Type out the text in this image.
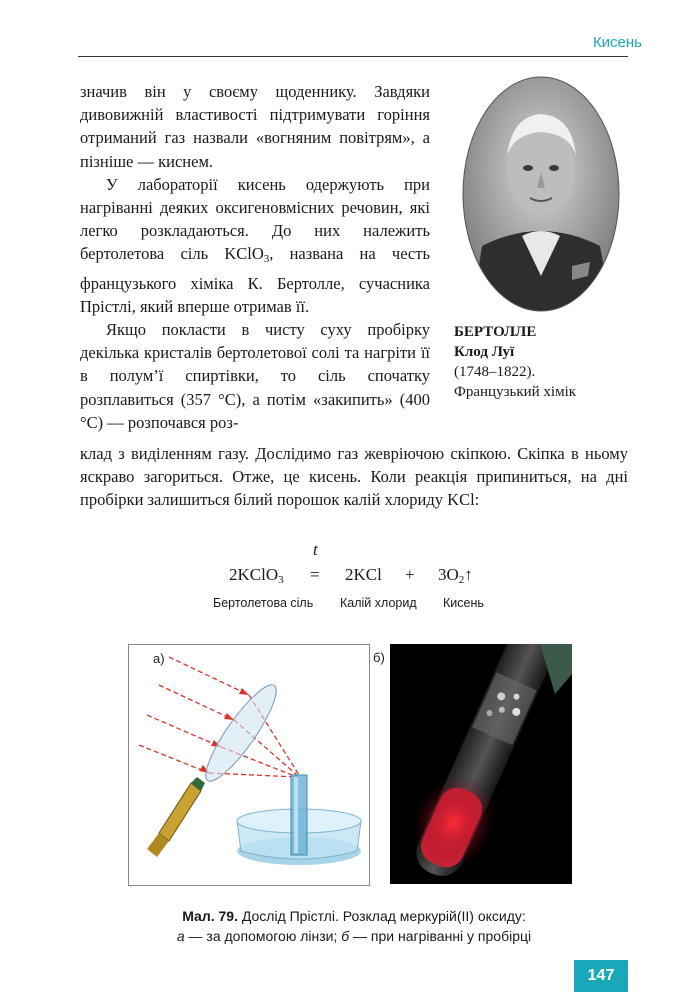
Кисень

значив він у своєму щоденнику. Завдяки дивовижній властивості підтримувати горіння отриманий газ назвали «вогняним повітрям», а пізніше — киснем.

У лабораторії кисень одержують при нагріванні деяких оксигеновмісних речовин, які легко розкладаються. До них належить бертолетова сіль KClO$_3$, названа на честь французького хіміка К. Бертолле, сучасника Прістлі, який вперше отримав її.

Якщо покласти в чисту суху пробірку декілька кристалів бертолетової солі та нагріти її в полум’ї спиртівки, то сіль спочатку розплавиться (357 °С), а потім «закипить» (400 °С) — розпочався роз-

клад з виділенням газу. Дослідимо газ жевріючою скіпкою. Скіпка в ньому яскраво загориться. Отже, це кисень. Коли реакція припиниться, на дні пробірки залишиться білий порошок калій хлориду KCl:

БЕРТОЛЛЕ
Клод Луї
(1748–1822).
Французький хімік
t
2KClO$_3$ = $2KCl + 3O_2↑$
Бертолетова сіль Калій хлорид Кисень
а)	б)
Мал. 79. Дослід Прістлі. Розклад меркурій(ІІ) оксиду:
а — за допомогою лінзи; б — при нагріванні у пробірці
147
